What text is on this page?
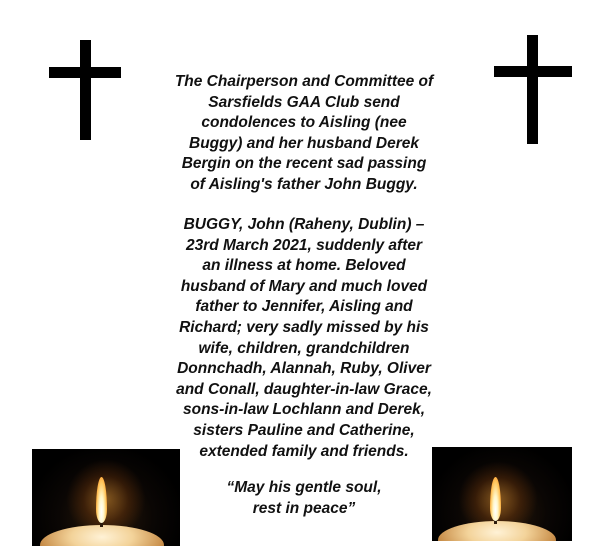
The Chairperson and Committee of
Sarsfields GAA Club send
condolences to Aisling (nee
Buggy) and her husband Derek
Bergin on the recent sad passing
of Aisling's father John Buggy.
BUGGY, John (Raheny, Dublin) –
23rd March 2021, suddenly after
an illness at home. Beloved
husband of Mary and much loved
father to Jennifer, Aisling and
Richard; very sadly missed by his
wife, children, grandchildren
Donnchadh, Alannah, Ruby, Oliver
and Conall, daughter-in-law Grace,
sons-in-law Lochlann and Derek,
sisters Pauline and Catherine,
extended family and friends.
“May his gentle soul,
rest in peace”
